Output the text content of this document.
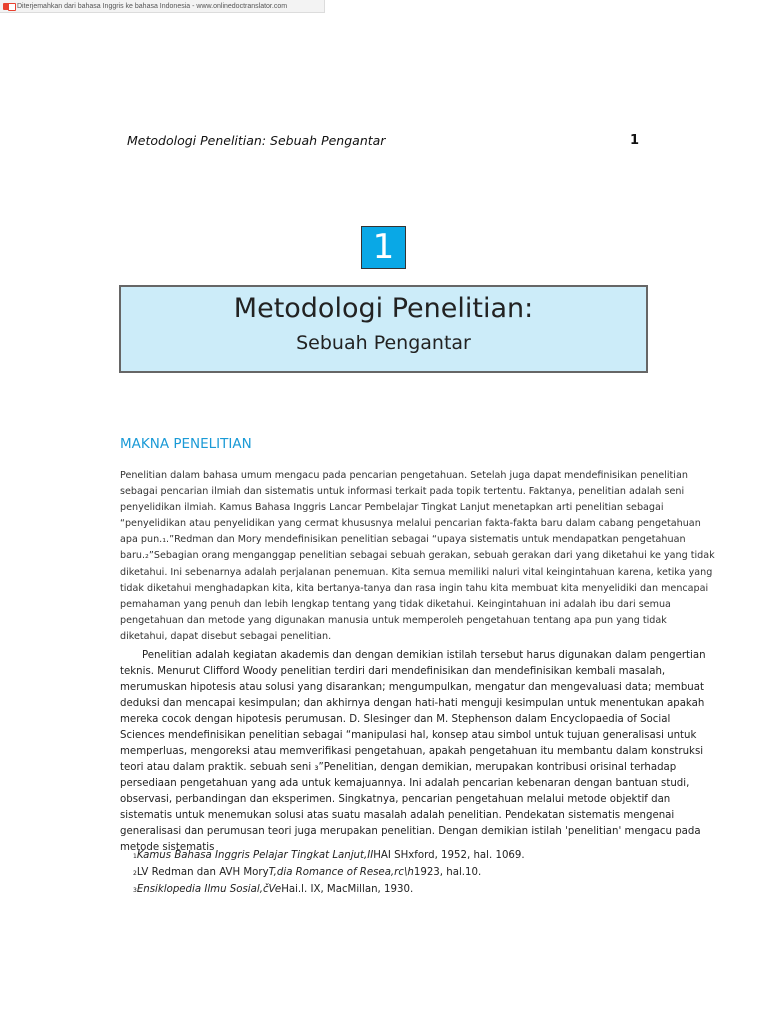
Diterjemahkan dari bahasa Inggris ke bahasa Indonesia - www.onlinedoctranslator.com
Metodologi Penelitian: Sebuah Pengantar	1
1
Metodologi Penelitian:
Sebuah Pengantar
MAKNA PENELITIAN

Penelitian dalam bahasa umum mengacu pada pencarian pengetahuan. Setelah juga dapat mendefinisikan penelitian sebagai pencarian ilmiah dan sistematis untuk informasi terkait pada topik tertentu. Faktanya, penelitian adalah seni penyelidikan ilmiah. Kamus Bahasa Inggris Lancar Pembelajar Tingkat Lanjut menetapkan arti penelitian sebagai “penyelidikan atau penyelidikan yang cermat khususnya melalui pencarian fakta-fakta baru dalam cabang pengetahuan apa pun.₁.”Redman dan Mory mendefinisikan penelitian sebagai “upaya sistematis untuk mendapatkan pengetahuan baru.₂”Sebagian orang menganggap penelitian sebagai sebuah gerakan, sebuah gerakan dari yang diketahui ke yang tidak diketahui. Ini sebenarnya adalah perjalanan penemuan. Kita semua memiliki naluri vital keingintahuan karena, ketika yang tidak diketahui menghadapkan kita, kita bertanya-tanya dan rasa ingin tahu kita membuat kita menyelidiki dan mencapai pemahaman yang penuh dan lebih lengkap tentang yang tidak diketahui. Keingintahuan ini adalah ibu dari semua pengetahuan dan metode yang digunakan manusia untuk memperoleh pengetahuan tentang apa pun yang tidak diketahui, dapat disebut sebagai penelitian.

Penelitian adalah kegiatan akademis dan dengan demikian istilah tersebut harus digunakan dalam pengertian teknis. Menurut Clifford Woody penelitian terdiri dari mendefinisikan dan mendefinisikan kembali masalah, merumuskan hipotesis atau solusi yang disarankan; mengumpulkan, mengatur dan mengevaluasi data; membuat deduksi dan mencapai kesimpulan; dan akhirnya dengan hati-hati menguji kesimpulan untuk menentukan apakah mereka cocok dengan hipotesis perumusan. D. Slesinger dan M. Stephenson dalam Encyclopaedia of Social Sciences mendefinisikan penelitian sebagai “manipulasi hal, konsep atau simbol untuk tujuan generalisasi untuk memperluas, mengoreksi atau memverifikasi pengetahuan, apakah pengetahuan itu membantu dalam konstruksi teori atau dalam praktik. sebuah seni ₃”Penelitian, dengan demikian, merupakan kontribusi orisinal terhadap persediaan pengetahuan yang ada untuk kemajuannya. Ini adalah pencarian kebenaran dengan bantuan studi, observasi, perbandingan dan eksperimen. Singkatnya, pencarian pengetahuan melalui metode objektif dan sistematis untuk menemukan solusi atas suatu masalah adalah penelitian. Pendekatan sistematis mengenai generalisasi dan perumusan teori juga merupakan penelitian. Dengan demikian istilah 'penelitian' mengacu pada metode sistematis

1Kamus Bahasa Inggris Pelajar Tingkat Lanjut,IIHAI SHxford, 1952, hal. 1069.
2LV Redman dan AVH MoryT,dia Romance of Resea,rc\h1923, hal.10.
3Ensiklopedia Ilmu Sosial,čVeHai.l. IX, MacMillan, 1930.
